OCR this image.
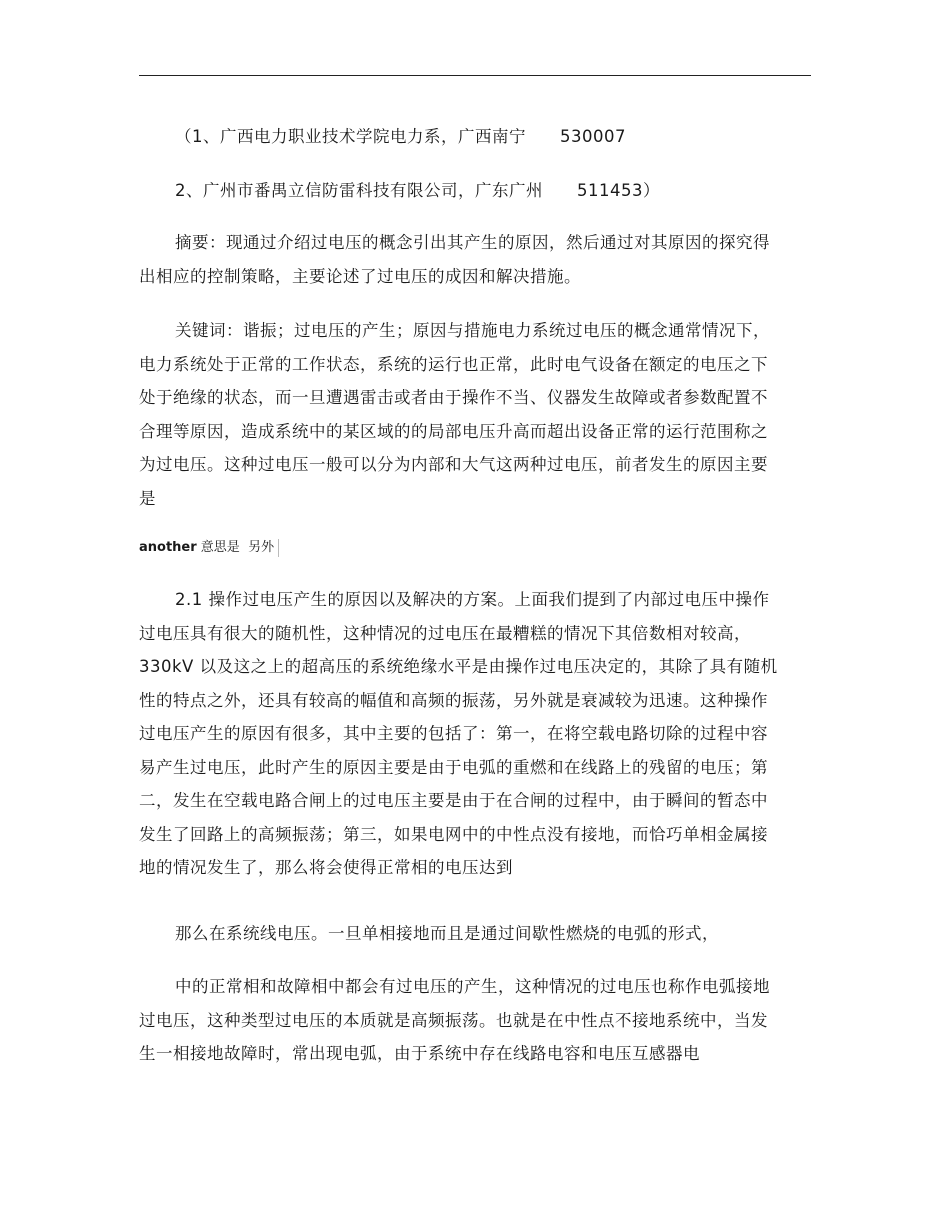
（1、广西电力职业技术学院电力系，广西南宁 530007

2、广州市番禺立信防雷科技有限公司，广东广州 511453）

摘要：现通过介绍过电压的概念引出其产生的原因，然后通过对其原因的探究得出相应的控制策略，主要论述了过电压的成因和解决措施。

关键词：谐振；过电压的产生；原因与措施电力系统过电压的概念通常情况下，电力系统处于正常的工作状态，系统的运行也正常，此时电气设备在额定的电压之下处于绝缘的状态，而一旦遭遇雷击或者由于操作不当、仪器发生故障或者参数配置不合理等原因，造成系统中的某区域的的局部电压升高而超出设备正常的运行范围称之为过电压。这种过电压一般可以分为内部和大气这两种过电压，前者发生的原因主要是

another 意思是 另外

2.1 操作过电压产生的原因以及解决的方案。上面我们提到了内部过电压中操作过电压具有很大的随机性，这种情况的过电压在最糟糕的情况下其倍数相对较高，330kV 以及这之上的超高压的系统绝缘水平是由操作过电压决定的，其除了具有随机性的特点之外，还具有较高的幅值和高频的振荡，另外就是衰减较为迅速。这种操作过电压产生的原因有很多，其中主要的包括了：第一，在将空载电路切除的过程中容易产生过电压，此时产生的原因主要是由于电弧的重燃和在线路上的残留的电压；第二，发生在空载电路合闸上的过电压主要是由于在合闸的过程中，由于瞬间的暂态中发生了回路上的高频振荡；第三，如果电网中的中性点没有接地，而恰巧单相金属接地的情况发生了，那么将会使得正常相的电压达到

那么在系统线电压。一旦单相接地而且是通过间歇性燃烧的电弧的形式，

中的正常相和故障相中都会有过电压的产生，这种情况的过电压也称作电弧接地过电压，这种类型过电压的本质就是高频振荡。也就是在中性点不接地系统中，当发生一相接地故障时，常出现电弧，由于系统中存在线路电容和电压互感器电
